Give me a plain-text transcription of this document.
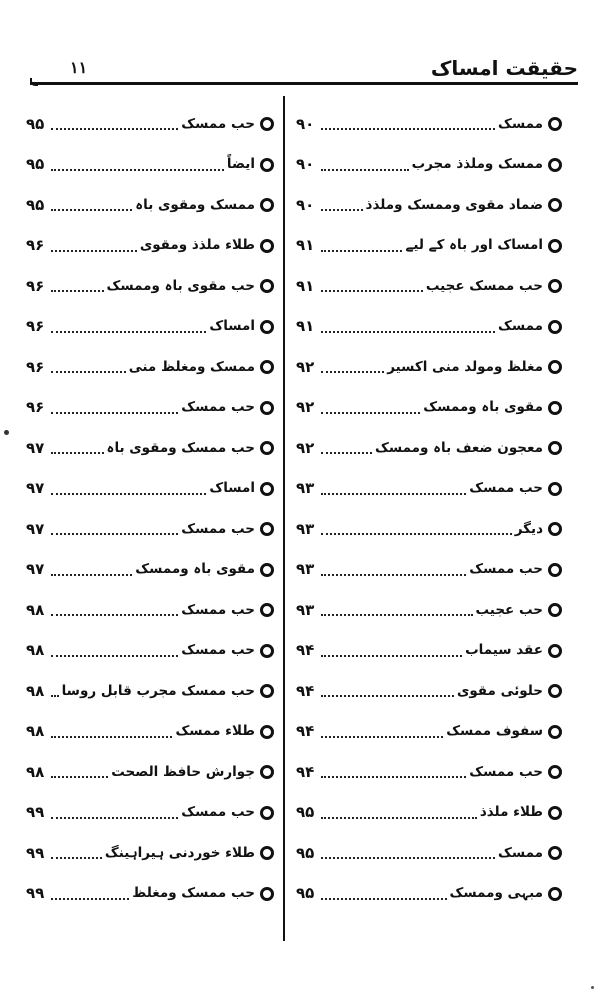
حقیقت امساک
۱۱
ممسک
۹۰
ممسک وملذذ مجرب
۹۰
ضماد مقوی وممسک وملذذ
۹۰
امساک اور باہ کے لیے
۹۱
حب ممسک عجیب
۹۱
ممسک
۹۱
مغلظ ومولد منی اکسیر
۹۲
مقوی باہ وممسک
۹۲
معجون ضعف باہ وممسک
۹۲
حب ممسک
۹۳
دیگر
۹۳
حب ممسک
۹۳
حب عجیب
۹۳
عقد سیماب
۹۴
حلوئی مقوی
۹۴
سفوف ممسک
۹۴
حب ممسک
۹۴
طلاء ملذذ
۹۵
ممسک
۹۵
مبہی وممسک
۹۵
حب ممسک
۹۵
ایضاً
۹۵
ممسک ومقوی باہ
۹۵
طلاء ملذذ ومقوی
۹۶
حب مقوی باہ وممسک
۹۶
امساک
۹۶
ممسک ومغلظ منی
۹۶
حب ممسک
۹۶
حب ممسک ومقوی باہ
۹۷
امساک
۹۷
حب ممسک
۹۷
مقوی باہ وممسک
۹۷
حب ممسک
۹۸
حب ممسک
۹۸
حب ممسک مجرب قابل روسا
۹۸
طلاء ممسک
۹۸
جوارش حافظ الصحت
۹۸
حب ممسک
۹۹
طلاء خوردنی ہیراہینگ
۹۹
حب ممسک ومغلظ
۹۹
